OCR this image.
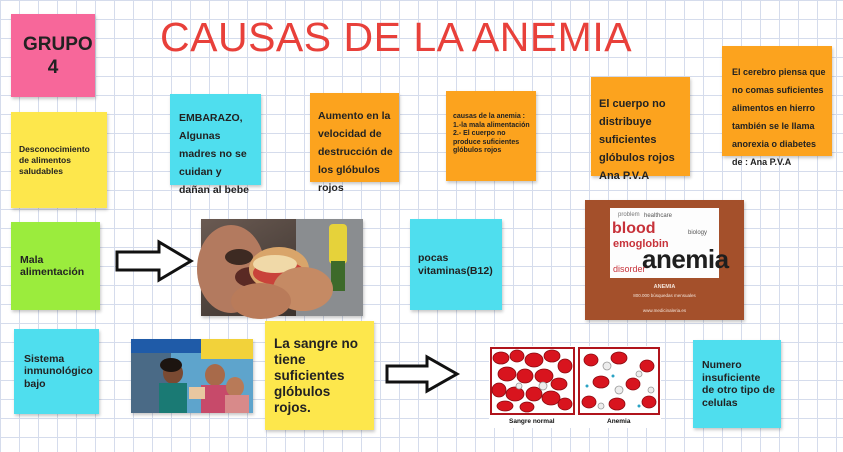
CAUSAS DE LA ANEMIA
GRUPO 4
Desconocimiento de alimentos saludables
EMBARAZO, Algunas madres no se cuidan y dañan al bebe
Aumento en la velocidad de destrucción de los glóbulos rojos
causas de la anemia :
1.-la mala alimentación
2.- El cuerpo no produce suficientes glóbulos rojos
El cuerpo no distribuye suficientes glóbulos rojos Ana P.V.A
El cerebro piensa que no comas suficientes alimentos en hierro también se le llama anorexia o diabetes de : Ana P.V.A
Mala alimentación
pocas vitaminas(B12)
Sistema inmunológico bajo
La sangre no tiene suficientes glóbulos rojos.
Numero insuficiente de otro tipo de celulas
healthcare
problem
blood	biology
emoglobin
anemia
disorder
ANEMIA
800.000 búsquedas mensuales
www.medicinaleria.es
Sangre normal	Anemia
